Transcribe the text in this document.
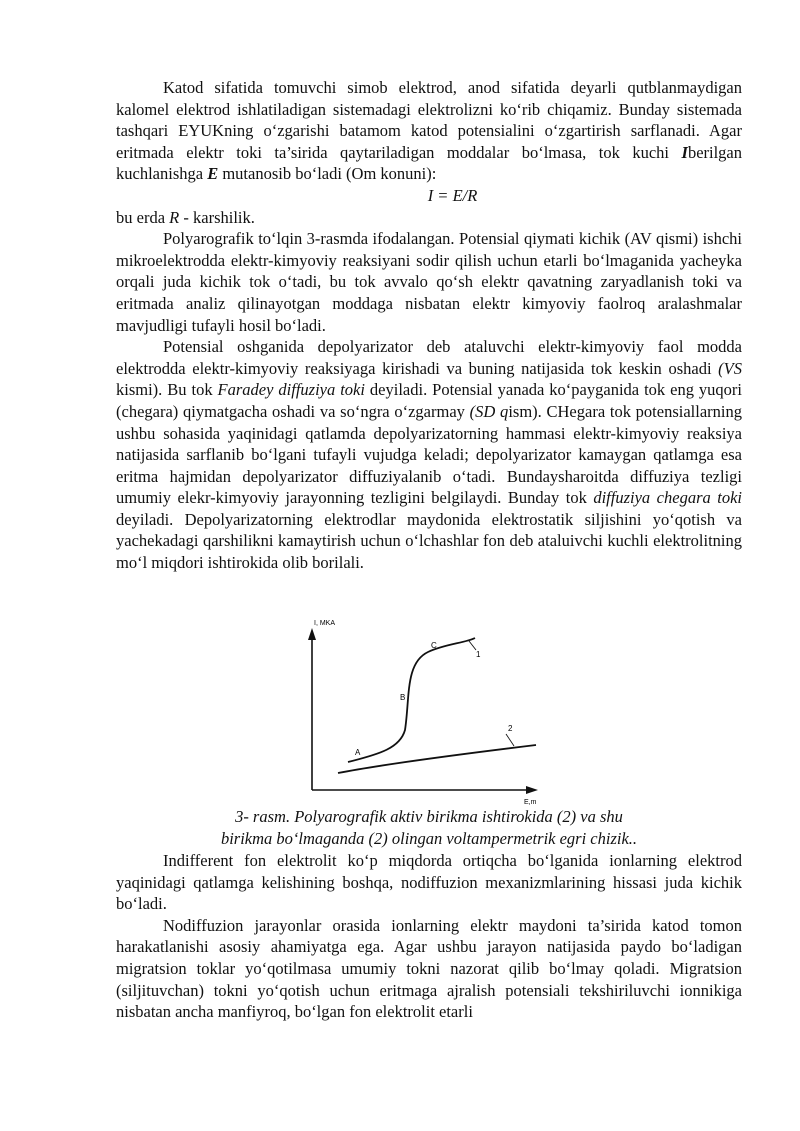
Katod sifatida tomuvchi simob elektrod, anod sifatida deyarli qutblanmaydigan kalomel elektrod ishlatiladigan sistemadagi elektrolizni ko‘rib chiqamiz. Bunday sistemada tashqari EYUKning o‘zgarishi batamom katod potensialini o‘zgartirish sarflanadi. Agar eritmada elektr toki ta’sirida qaytariladigan moddalar bo‘lmasa, tok kuchi Iberilgan kuchlanishga E mutanosib bo‘ladi (Om konuni):

I = E/R

bu erda R - karshilik.

Polyarografik to‘lqin 3-rasmda ifodalangan. Potensial qiymati kichik (AV qismi) ishchi mikroelektrodda elektr-kimyoviy reaksiyani sodir qilish uchun etarli bo‘lmaganida yacheyka orqali juda kichik tok o‘tadi, bu tok avvalo qo‘sh elektr qavatning zaryadlanish toki va eritmada analiz qilinayotgan moddaga nisbatan elektr kimyoviy faolroq aralashmalar mavjudligi tufayli hosil bo‘ladi.

Potensial oshganida depolyarizator deb ataluvchi elektr-kimyoviy faol modda elektrodda elektr-kimyoviy reaksiyaga kirishadi va buning natijasida tok keskin oshadi (VS kismi). Bu tok Faradey diffuziya toki deyiladi. Potensial yanada ko‘payganida tok eng yuqori (chegara) qiymatgacha oshadi va so‘ngra o‘zgarmay (SD qism). CHegara tok potensiallarning ushbu sohasida yaqinidagi qatlamda depolyarizatorning hammasi elektr-kimyoviy reaksiya natijasida sarflanib bo‘lgani tufayli vujudga keladi; depolyarizator kamaygan qatlamga esa eritma hajmidan depolyarizator diffuziyalanib o‘tadi. Bundaysharoitda diffuziya tezligi umumiy elekr-kimyoviy jarayonning tezligini belgilaydi. Bunday tok diffuziya chegara toki deyiladi. Depolyarizatorning elektrodlar maydonida elektrostatik siljishini yo‘qotish va yachekadagi qarshilikni kamaytirish uchun o‘lchashlar fon deb ataluivchi kuchli elektrolitning mo‘l miqdori ishtirokida olib borilali.

I, MKA
E,m
A
B
C
1
2
3- rasm. Polyarografik aktiv birikma ishtirokida (2) va shu
birikma bo‘lmaganda (2) olingan voltampermetrik egri chizik..

Indifferent fon elektrolit ko‘p miqdorda ortiqcha bo‘lganida ionlarning elektrod yaqinidagi qatlamga kelishining boshqa, nodiffuzion mexanizmlarining hissasi juda kichik bo‘ladi.

Nodiffuzion jarayonlar orasida ionlarning elektr maydoni ta’sirida katod tomon harakatlanishi asosiy ahamiyatga ega. Agar ushbu jarayon natijasida paydo bo‘ladigan migratsion toklar yo‘qotilmasa umumiy tokni nazorat qilib bo‘lmay qoladi. Migratsion (siljituvchan) tokni yo‘qotish uchun eritmaga ajralish potensiali tekshiriluvchi ionnikiga nisbatan ancha manfiyroq, bo‘lgan fon elektrolit etarli
